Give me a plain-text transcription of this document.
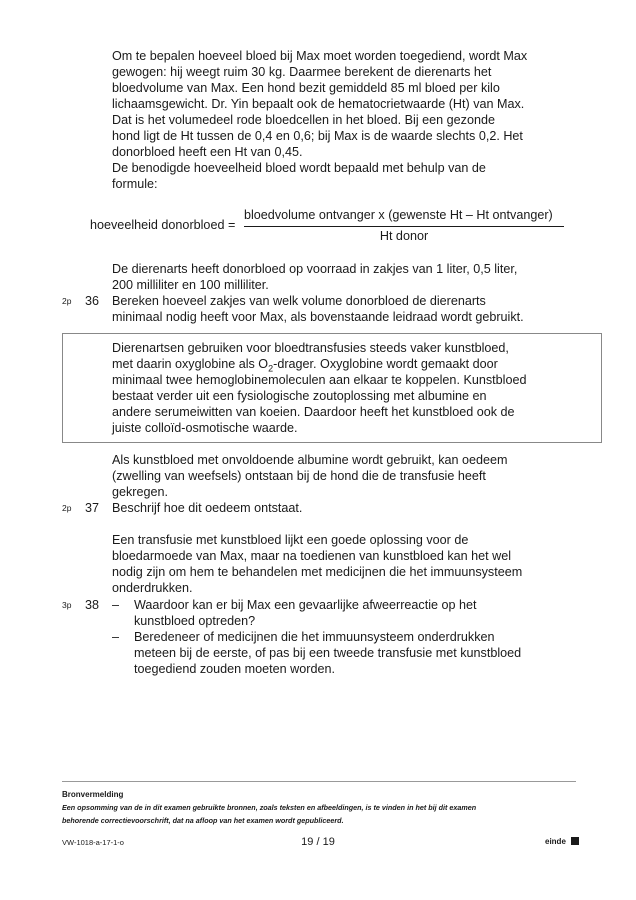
Om te bepalen hoeveel bloed bij Max moet worden toegediend, wordt Max
gewogen: hij weegt ruim 30 kg. Daarmee berekent de dierenarts het
bloedvolume van Max. Een hond bezit gemiddeld 85 ml bloed per kilo
lichaamsgewicht. Dr. Yin bepaalt ook de hematocrietwaarde (Ht) van Max.
Dat is het volumedeel rode bloedcellen in het bloed. Bij een gezonde
hond ligt de Ht tussen de 0,4 en 0,6; bij Max is de waarde slechts 0,2. Het
donorbloed heeft een Ht van 0,45.
De benodigde hoeveelheid bloed wordt bepaald met behulp van de
formule:
hoeveelheid donorbloed =
bloedvolume ontvanger x (gewenste Ht – Ht ontvanger)
Ht donor
De dierenarts heeft donorbloed op voorraad in zakjes van 1 liter, 0,5 liter,
200 milliliter en 100 milliliter.
2p 36 Bereken hoeveel zakjes van welk volume donorbloed de dierenarts
minimaal nodig heeft voor Max, als bovenstaande leidraad wordt gebruikt.
Dierenartsen gebruiken voor bloedtransfusies steeds vaker kunstbloed,
met daarin oxyglobine als $O_2$-drager. Oxyglobine wordt gemaakt door
minimaal twee hemoglobinemoleculen aan elkaar te koppelen. Kunstbloed
bestaat verder uit een fysiologische zoutoplossing met albumine en
andere serumeiwitten van koeien. Daardoor heeft het kunstbloed ook de
juiste colloïd-osmotische waarde.
Als kunstbloed met onvoldoende albumine wordt gebruikt, kan oedeem
(zwelling van weefsels) ontstaan bij de hond die de transfusie heeft
gekregen.
2p 37 Beschrijf hoe dit oedeem ontstaat.
Een transfusie met kunstbloed lijkt een goede oplossing voor de
bloedarmoede van Max, maar na toedienen van kunstbloed kan het wel
nodig zijn om hem te behandelen met medicijnen die het immuunsysteem
onderdrukken.
3p 38 – Waardoor kan er bij Max een gevaarlijke afweerreactie op het
kunstbloed optreden?
– Beredeneer of medicijnen die het immuunsysteem onderdrukken
meteen bij de eerste, of pas bij een tweede transfusie met kunstbloed
toegediend zouden moeten worden.
Bronvermelding
Een opsomming van de in dit examen gebruikte bronnen, zoals teksten en afbeeldingen, is te vinden in het bij dit examen
behorende correctievoorschrift, dat na afloop van het examen wordt gepubliceerd.
VW-1018-a-17-1-o	19 / 19	einde
